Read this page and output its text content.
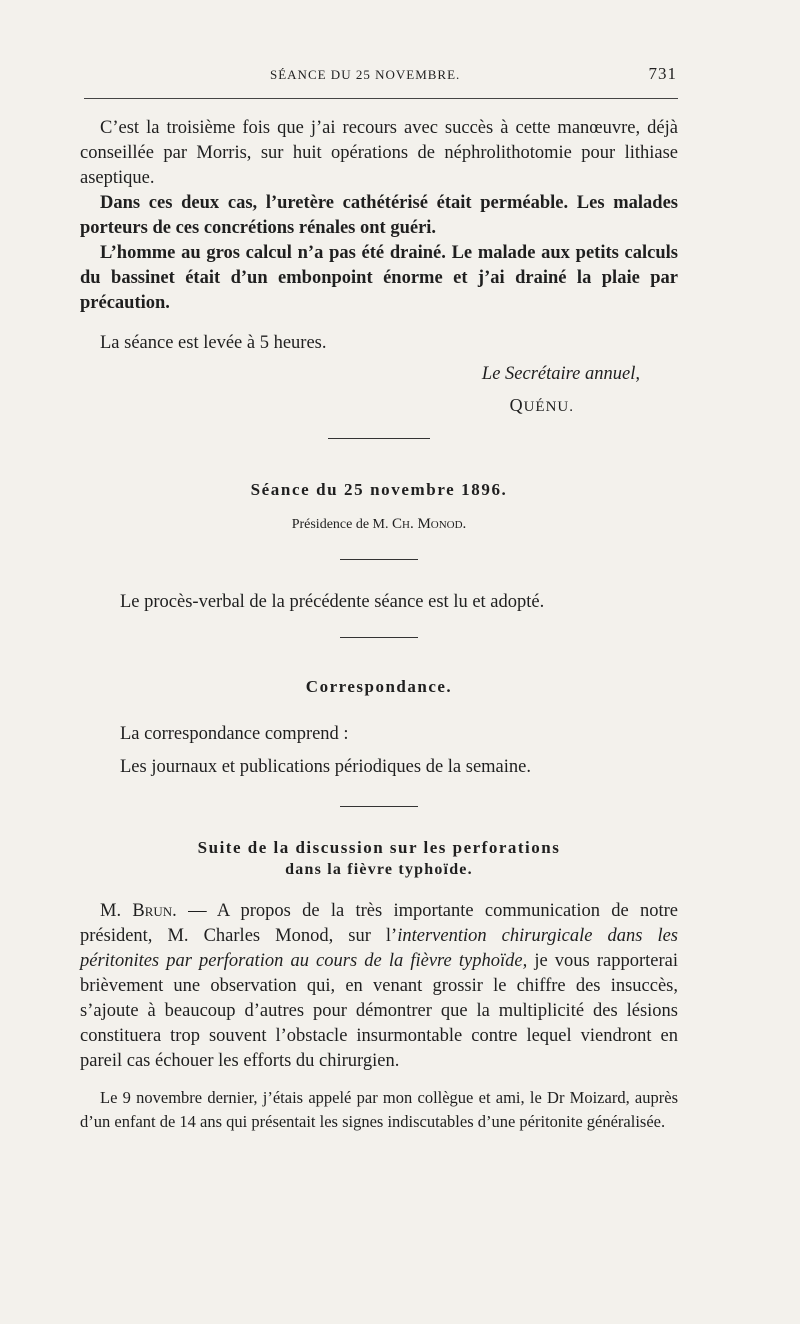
SÉANCE DU 25 NOVEMBRE.	731

C’est la troisième fois que j’ai recours avec succès à cette manœuvre, déjà conseillée par Morris, sur huit opérations de néphrolithotomie pour lithiase aseptique.

Dans ces deux cas, l’uretère cathétérisé était perméable. Les malades porteurs de ces concrétions rénales ont guéri.

L’homme au gros calcul n’a pas été drainé. Le malade aux petits calculs du bassinet était d’un embonpoint énorme et j’ai drainé la plaie par précaution.

La séance est levée à 5 heures.

Le Secrétaire annuel,

QUÉNU.

Séance du 25 novembre 1896.

Présidence de M. Ch. Monod.

Le procès-verbal de la précédente séance est lu et adopté.

Correspondance.

La correspondance comprend :

Les journaux et publications périodiques de la semaine.

Suite de la discussion sur les perforations

dans la fièvre typhoïde.

M. Brun. — A propos de la très importante communication de notre président, M. Charles Monod, sur l’intervention chirurgicale dans les péritonites par perforation au cours de la fièvre typhoïde, je vous rapporterai brièvement une observation qui, en venant grossir le chiffre des insuccès, s’ajoute à beaucoup d’autres pour démontrer que la multiplicité des lésions constituera trop souvent l’obstacle insurmontable contre lequel viendront en pareil cas échouer les efforts du chirurgien.

Le 9 novembre dernier, j’étais appelé par mon collègue et ami, le Dr Moizard, auprès d’un enfant de 14 ans qui présentait les signes indiscutables d’une péritonite généralisée.
